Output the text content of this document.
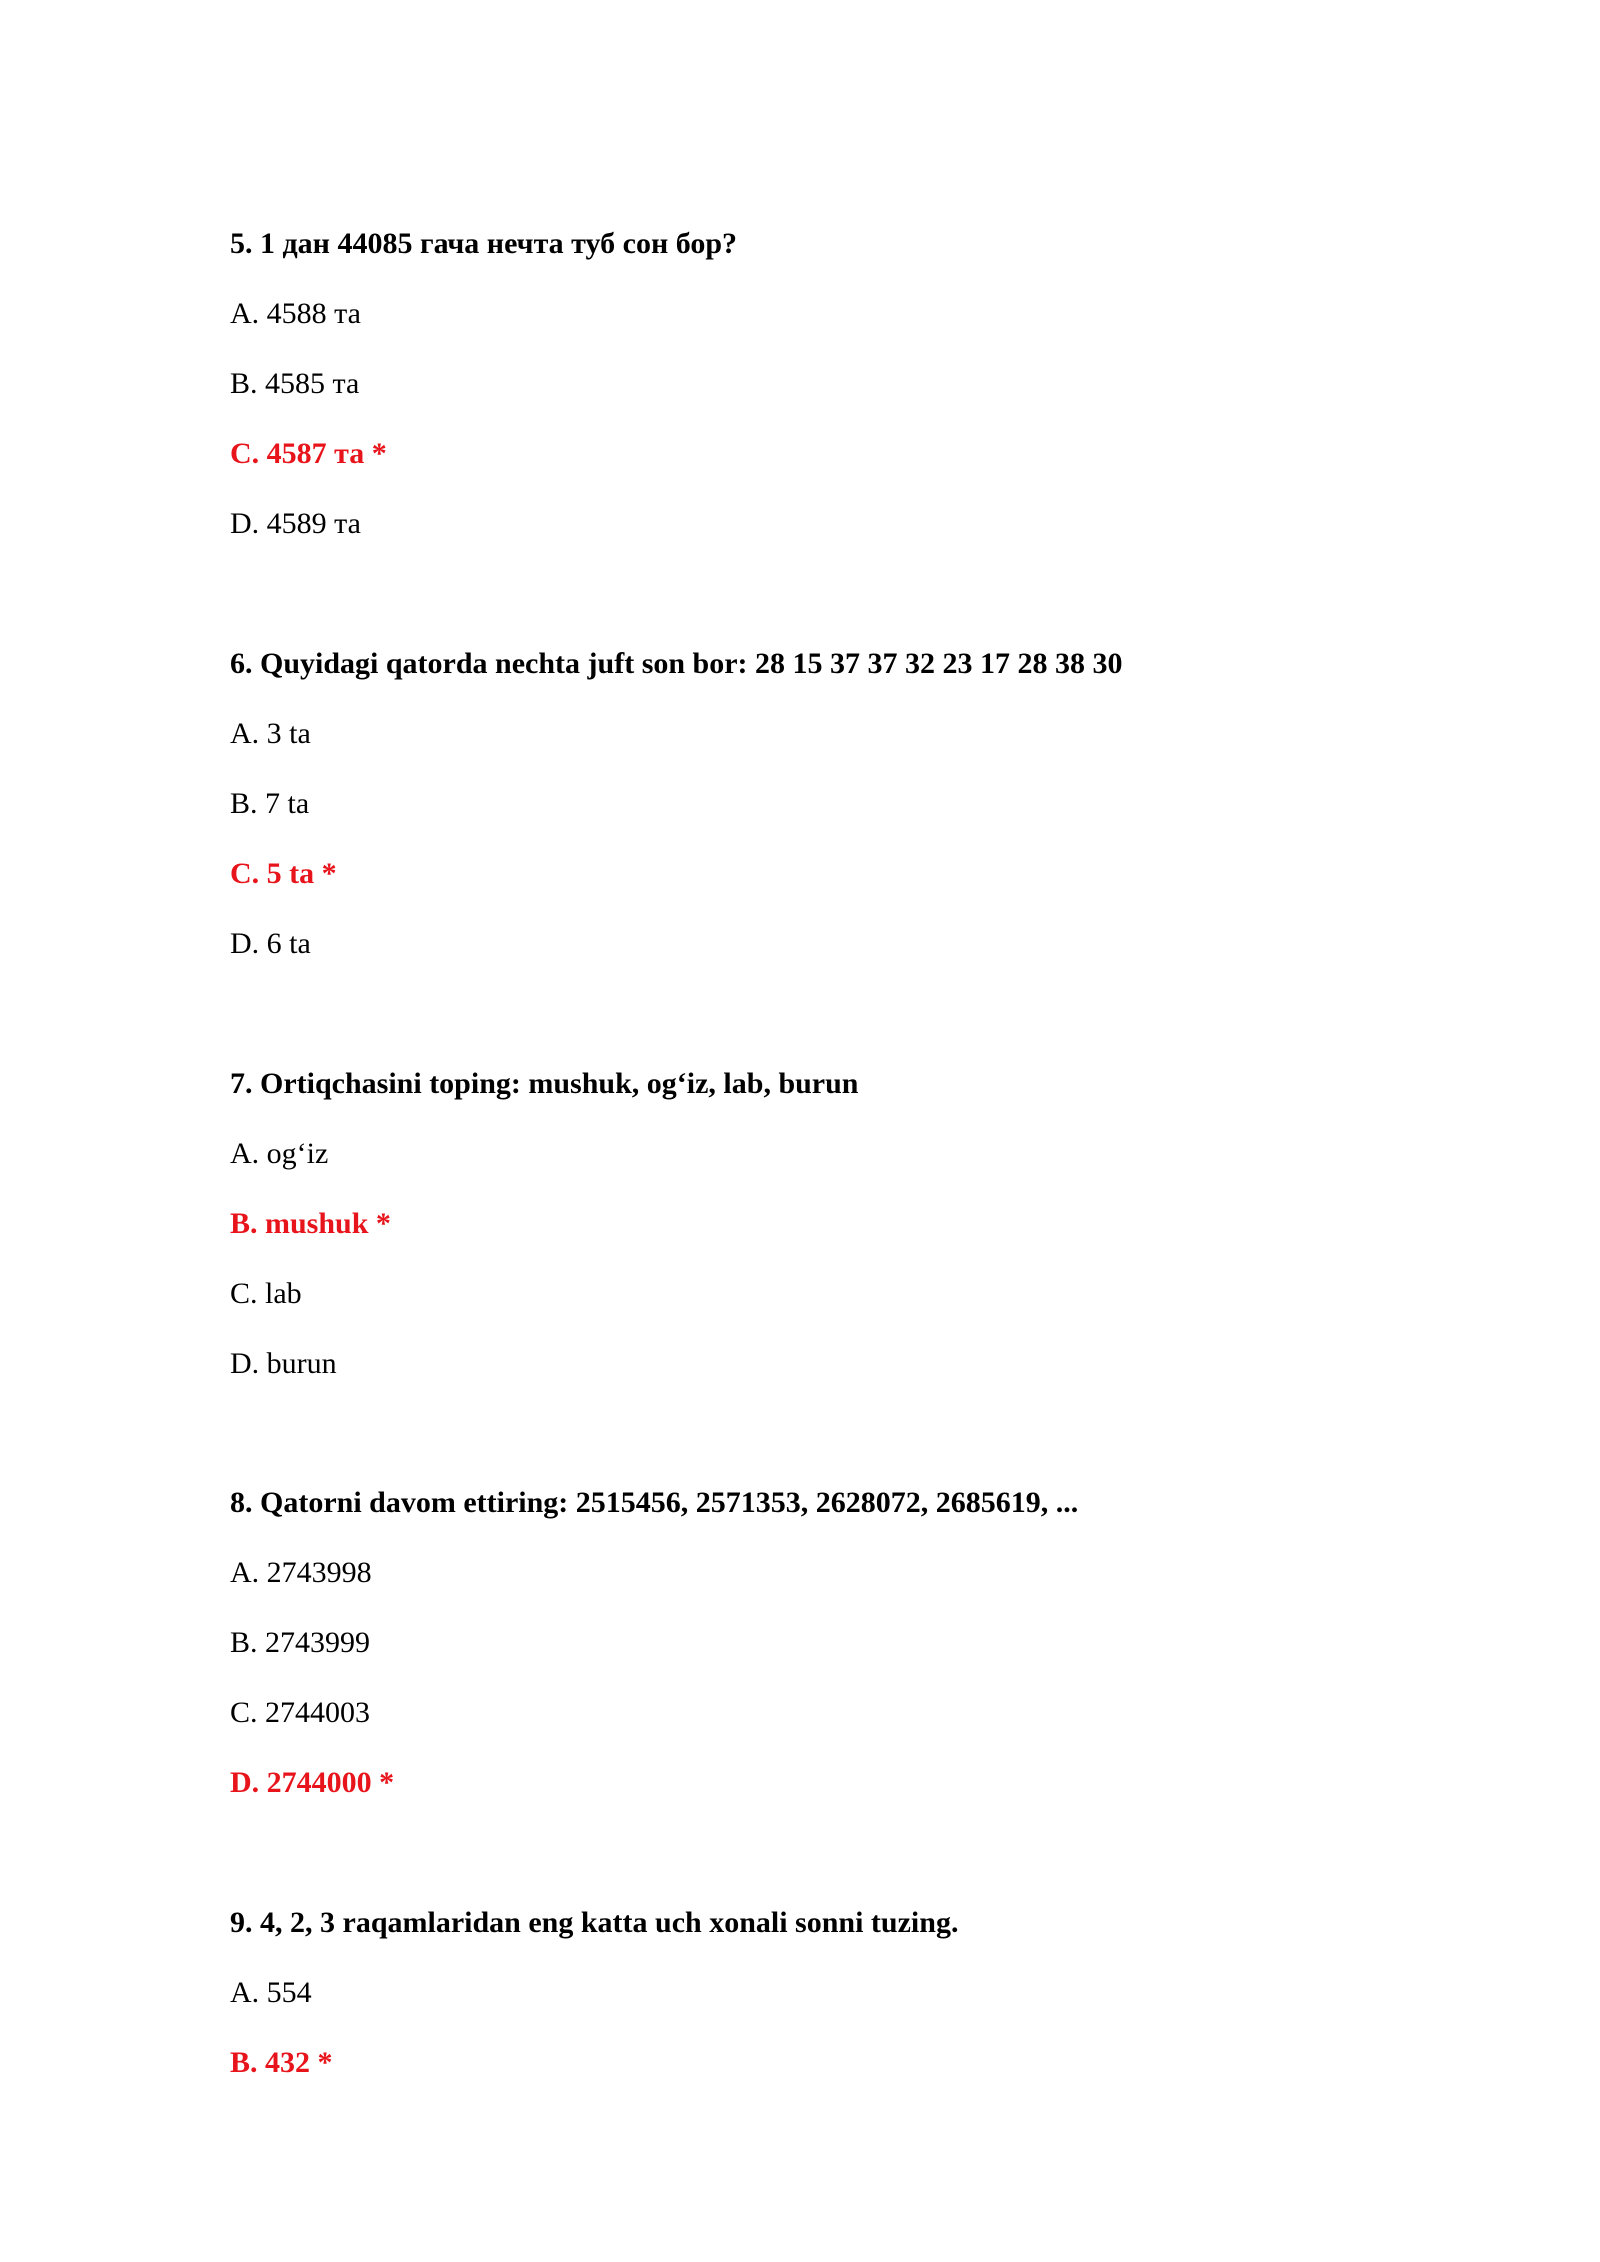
5. 1 дан 44085 гача нечта туб сон бор?
A. 4588 та
B. 4585 та
C. 4587 та *
D. 4589 та
6. Quyidagi qatorda nechta juft son bor: 28 15 37 37 32 23 17 28 38 30
A. 3 ta
B. 7 ta
C. 5 ta *
D. 6 ta
7. Ortiqchasini toping: mushuk, og‘iz, lab, burun
A. og‘iz
B. mushuk *
C. lab
D. burun
8. Qatorni davom ettiring: 2515456, 2571353, 2628072, 2685619, ...
A. 2743998
B. 2743999
C. 2744003
D. 2744000 *
9. 4, 2, 3 raqamlaridan eng katta uch xonali sonni tuzing.
A. 554
B. 432 *
